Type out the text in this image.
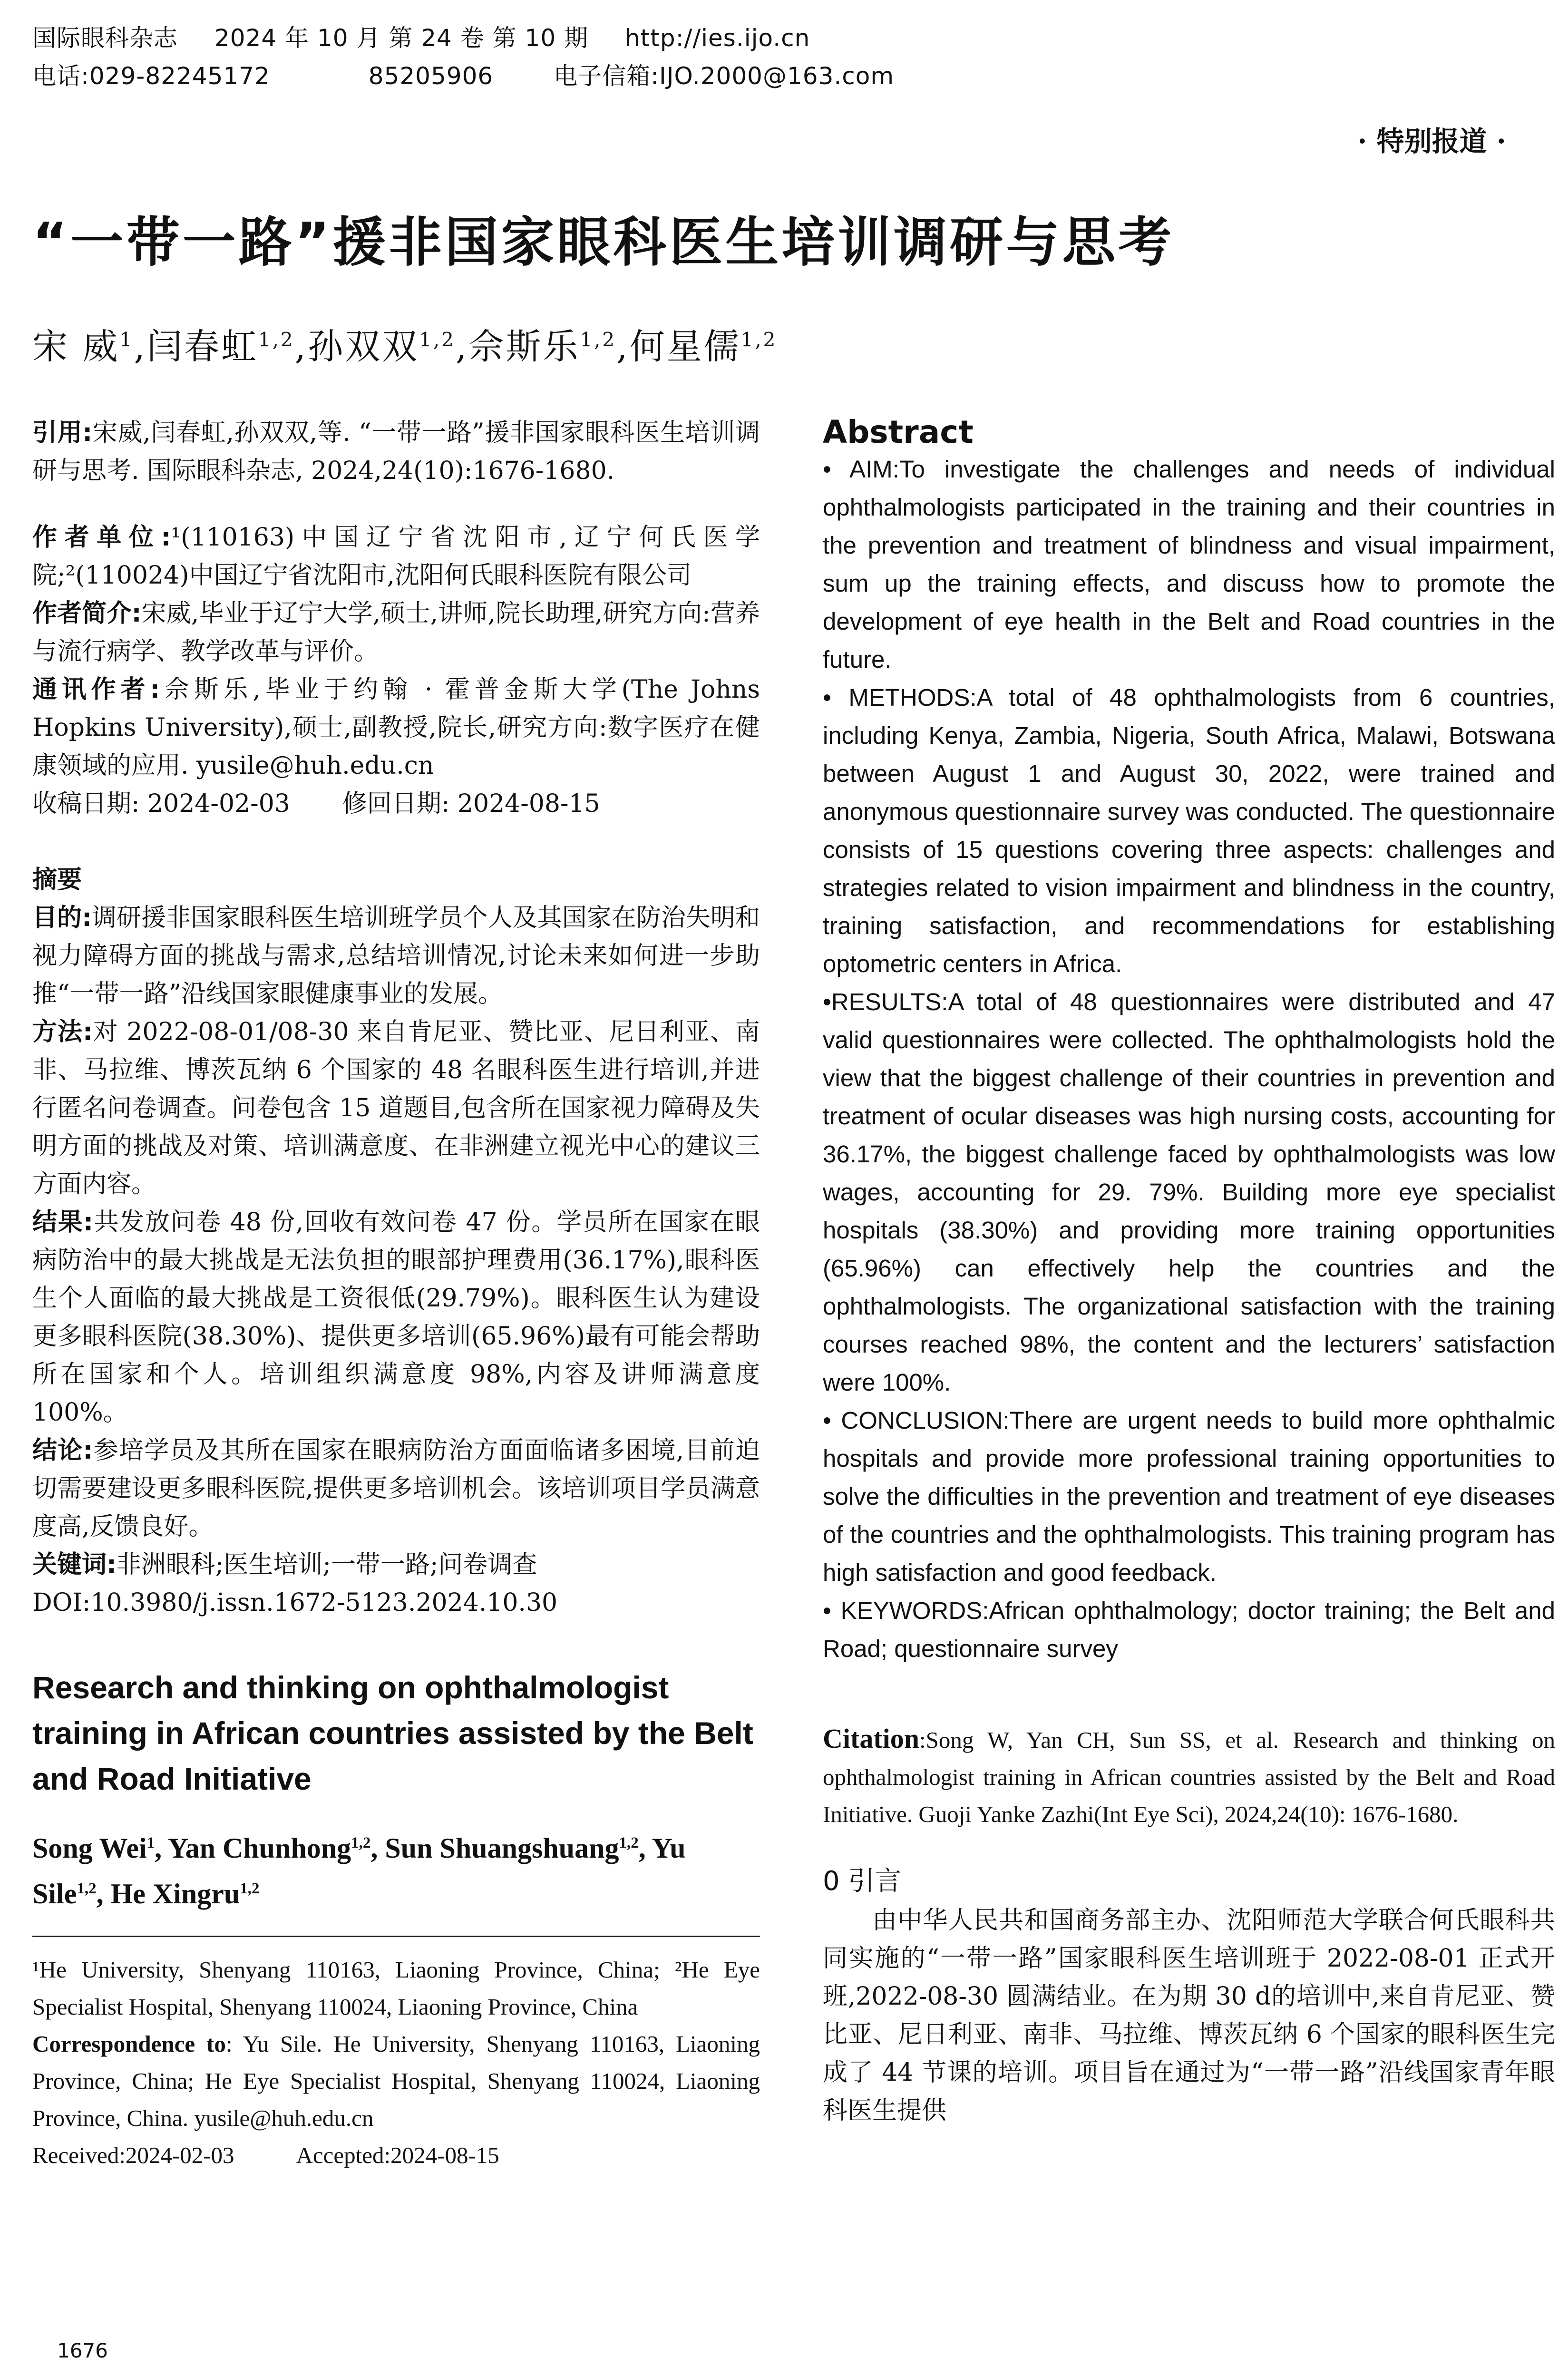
国际眼科杂志 2024 年 10 月 第 24 卷 第 10 期 http://ies.ijo.cn
电话:029-82245172	85205906	电子信箱:IJO.2000@163.com
· 特别报道 ·
“一带一路”援非国家眼科医生培训调研与思考
宋 威$^1$,闫春虹$^{1,2}$,孙双双$^{1,2}$,佘斯乐$^{1,2}$,何星儒$^{1,2}$
引用:宋威,闫春虹,孙双双,等. “一带一路”援非国家眼科医生培训调研与思考. 国际眼科杂志, 2024,24(10):1676-1680.
作者单位:¹(110163)中国辽宁省沈阳市,辽宁何氏医学院;²(110024)中国辽宁省沈阳市,沈阳何氏眼科医院有限公司
作者简介:宋威,毕业于辽宁大学,硕士,讲师,院长助理,研究方向:营养与流行病学、教学改革与评价。
通讯作者:佘斯乐,毕业于约翰 · 霍普金斯大学(The Johns Hopkins University),硕士,副教授,院长,研究方向:数字医疗在健康领域的应用. yusile@huh.edu.cn
收稿日期: 2024-02-03 修回日期: 2024-08-15
摘要
目的:调研援非国家眼科医生培训班学员个人及其国家在防治失明和视力障碍方面的挑战与需求,总结培训情况,讨论未来如何进一步助推“一带一路”沿线国家眼健康事业的发展。
方法:对 2022-08-01/08-30 来自肯尼亚、赞比亚、尼日利亚、南非、马拉维、博茨瓦纳 6 个国家的 48 名眼科医生进行培训,并进行匿名问卷调查。问卷包含 15 道题目,包含所在国家视力障碍及失明方面的挑战及对策、培训满意度、在非洲建立视光中心的建议三方面内容。
结果:共发放问卷 48 份,回收有效问卷 47 份。学员所在国家在眼病防治中的最大挑战是无法负担的眼部护理费用(36.17%),眼科医生个人面临的最大挑战是工资很低(29.79%)。眼科医生认为建设更多眼科医院(38.30%)、提供更多培训(65.96%)最有可能会帮助所在国家和个人。培训组织满意度 98%,内容及讲师满意度 100%。
结论:参培学员及其所在国家在眼病防治方面面临诸多困境,目前迫切需要建设更多眼科医院,提供更多培训机会。该培训项目学员满意度高,反馈良好。
关键词:非洲眼科;医生培训;一带一路;问卷调查
DOI:10.3980/j.issn.1672-5123.2024.10.30
Research and thinking on ophthalmologist training in African countries assisted by the Belt and Road Initiative
Song Wei$^1$, Yan Chunhong$^{1,2}$, Sun Shuangshuang$^{1,2}$, Yu Sile$^{1,2}$, He Xingru$^{1,2}$
¹He University, Shenyang 110163, Liaoning Province, China; ²He Eye Specialist Hospital, Shenyang 110024, Liaoning Province, China
Correspondence to: Yu Sile. He University, Shenyang 110163, Liaoning Province, China; He Eye Specialist Hospital, Shenyang 110024, Liaoning Province, China. yusile@huh.edu.cn
Received:2024-02-03	Accepted:2024-08-15
1676
Abstract
• AIM:To investigate the challenges and needs of individual ophthalmologists participated in the training and their countries in the prevention and treatment of blindness and visual impairment, sum up the training effects, and discuss how to promote the development of eye health in the Belt and Road countries in the future.
• METHODS:A total of 48 ophthalmologists from 6 countries, including Kenya, Zambia, Nigeria, South Africa, Malawi, Botswana between August 1 and August 30, 2022, were trained and anonymous questionnaire survey was conducted. The questionnaire consists of 15 questions covering three aspects: challenges and strategies related to vision impairment and blindness in the country, training satisfaction, and recommendations for establishing optometric centers in Africa.
•RESULTS:A total of 48 questionnaires were distributed and 47 valid questionnaires were collected. The ophthalmologists hold the view that the biggest challenge of their countries in prevention and treatment of ocular diseases was high nursing costs, accounting for 36.17%, the biggest challenge faced by ophthalmologists was low wages, accounting for 29. 79%. Building more eye specialist hospitals (38.30%) and providing more training opportunities (65.96%) can effectively help the countries and the ophthalmologists. The organizational satisfaction with the training courses reached 98%, the content and the lecturers’ satisfaction were 100%.
• CONCLUSION:There are urgent needs to build more ophthalmic hospitals and provide more professional training opportunities to solve the difficulties in the prevention and treatment of eye diseases of the countries and the ophthalmologists. This training program has high satisfaction and good feedback.
• KEYWORDS:African ophthalmology; doctor training; the Belt and Road; questionnaire survey
Citation:Song W, Yan CH, Sun SS, et al. Research and thinking on ophthalmologist training in African countries assisted by the Belt and Road Initiative. Guoji Yanke Zazhi(Int Eye Sci), 2024,24(10): 1676-1680.
0 引言
由中华人民共和国商务部主办、沈阳师范大学联合何氏眼科共同实施的“一带一路”国家眼科医生培训班于 2022-08-01 正式开班,2022-08-30 圆满结业。在为期 30 d的培训中,来自肯尼亚、赞比亚、尼日利亚、南非、马拉维、博茨瓦纳 6 个国家的眼科医生完成了 44 节课的培训。项目旨在通过为“一带一路”沿线国家青年眼科医生提供
